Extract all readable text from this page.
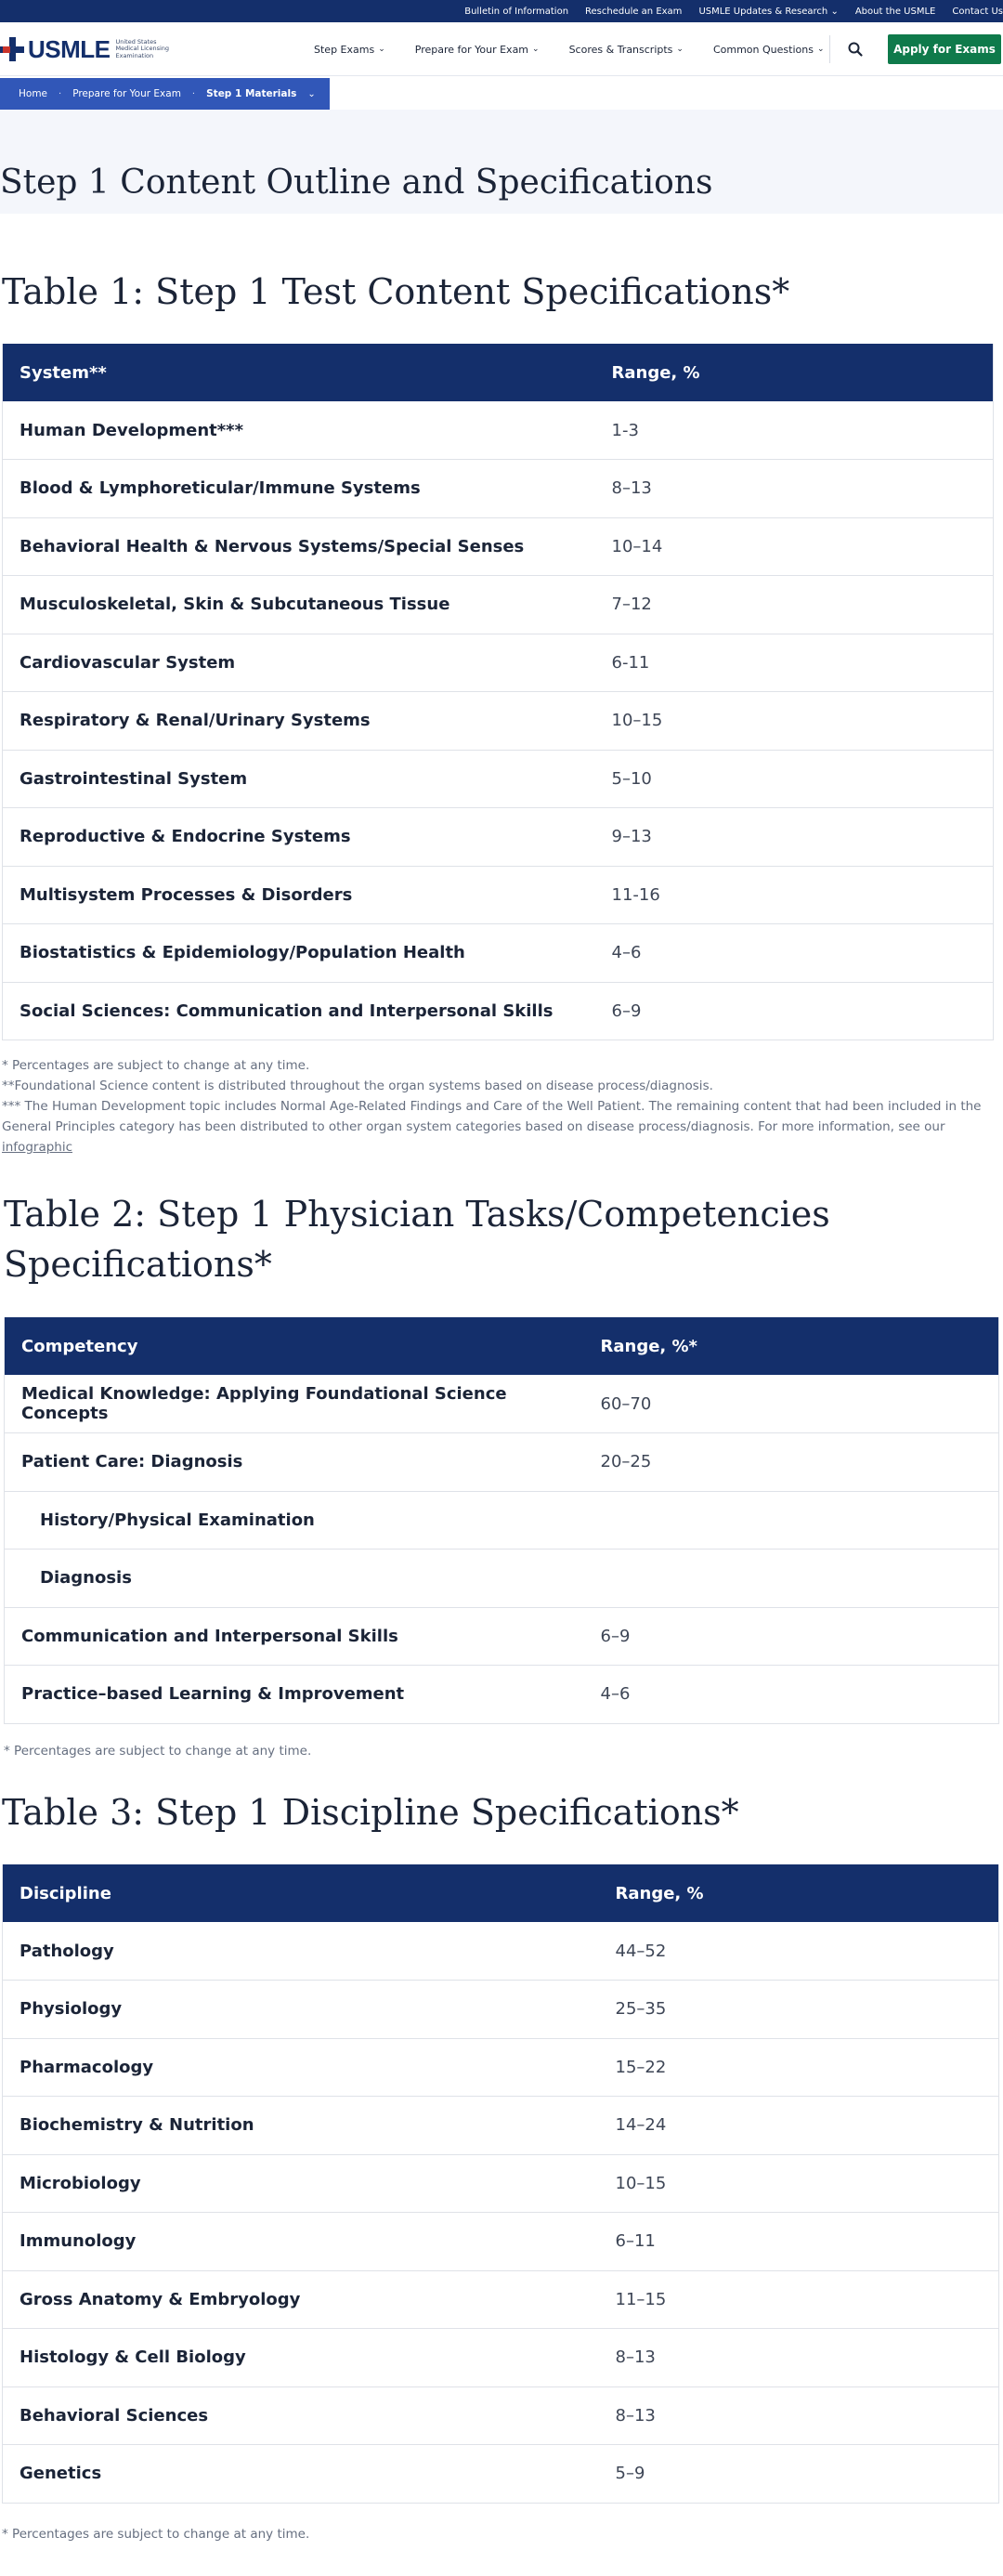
Bulletin of Information Reschedule an Exam USMLE Updates & Research ⌄ About the USMLE Contact Us
USMLE United States Medical Licensing Examination
Step Exams ⌄	Prepare for Your Exam ⌄	Scores & Transcripts ⌄	Common Questions ⌄	Apply for Exams
Home · Prepare for Your Exam · Step 1 Materials ⌄
Step 1 Content Outline and Specifications
Table 1: Step 1 Test Content Specifications*
System**	Range, %
Human Development***	1-3
Blood & Lymphoreticular/Immune Systems	8–13
Behavioral Health & Nervous Systems/Special Senses	10–14
Musculoskeletal, Skin & Subcutaneous Tissue	7–12
Cardiovascular System	6-11
Respiratory & Renal/Urinary Systems	10–15
Gastrointestinal System	5–10
Reproductive & Endocrine Systems	9–13
Multisystem Processes & Disorders	11-16
Biostatistics & Epidemiology/Population Health	4–6
Social Sciences: Communication and Interpersonal Skills	6–9
* Percentages are subject to change at any time.
**Foundational Science content is distributed throughout the organ systems based on disease process/diagnosis.
*** The Human Development topic includes Normal Age-Related Findings and Care of the Well Patient. The remaining content that had been included in the General Principles category has been distributed to other organ system categories based on disease process/diagnosis. For more information, see our
infographic
Table 2: Step 1 Physician Tasks/Competencies
Specifications*
Competency	Range, %*
Medical Knowledge: Applying Foundational Science Concepts	60–70
Patient Care: Diagnosis	20–25
History/Physical Examination	
Diagnosis	
Communication and Interpersonal Skills	6–9
Practice–based Learning & Improvement	4–6
* Percentages are subject to change at any time.
Table 3: Step 1 Discipline Specifications*
Discipline	Range, %
Pathology	44–52
Physiology	25–35
Pharmacology	15–22
Biochemistry & Nutrition	14–24
Microbiology	10–15
Immunology	6–11
Gross Anatomy & Embryology	11–15
Histology & Cell Biology	8–13
Behavioral Sciences	8–13
Genetics	5–9
* Percentages are subject to change at any time.
